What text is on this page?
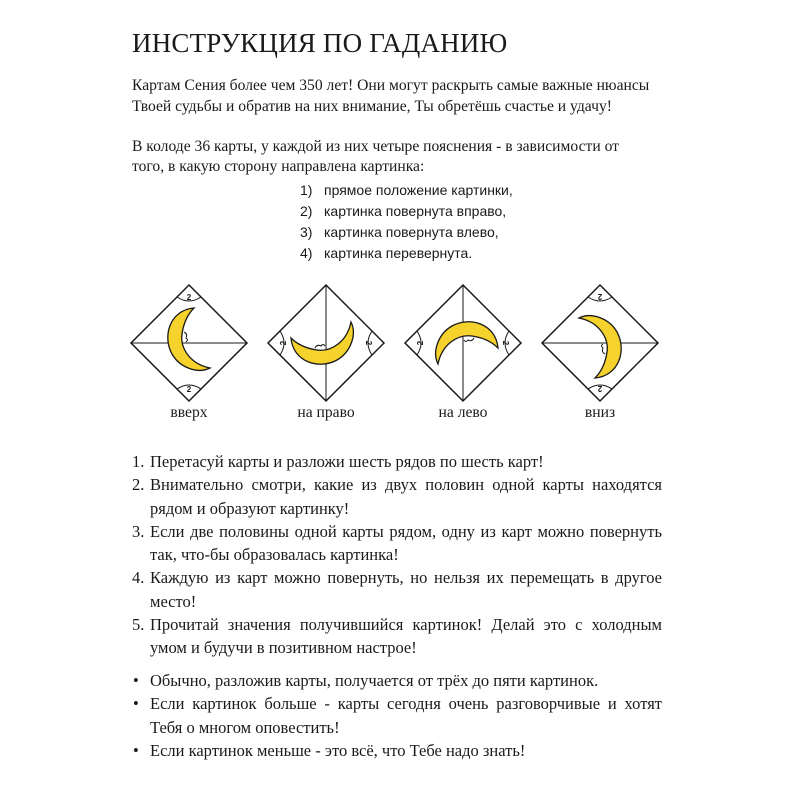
ИНСТРУКЦИЯ ПО ГАДАНИЮ

Картам Сения более чем 350 лет! Они могут раскрыть самые важные нюансы

Твоей судьбы и обратив на них внимание, Ты обретёшь счастье и удачу!

В колоде 36 карты, у каждой из них четыре пояснения - в зависимости от

того, в какую сторону направлена картинка:

1) прямое положение картинки,
2) картинка повернута вправо,
3) картинка повернута влево,
4) картинка перевернута.
2
2
вверх
2	2
на право
2	2
на лево
2
2
вниз
1. Перетасуй карты и разложи шесть рядов по шесть карт!
2. Внимательно смотри, какие из двух половин одной карты находятся рядом и образуют картинку!
3. Если две половины одной карты рядом, одну из карт можно повернуть так, что-бы образовалась картинка!
4. Каждую из карт можно повернуть, но нельзя их перемещать в другое место!
5. Прочитай значения получившийся картинок! Делай это с холодным умом и будучи в позитивном настрое!
• Обычно, разложив карты, получается от трёх до пяти картинок.
• Если картинок больше - карты сегодня очень разговорчивые и хотят Тебя о многом оповестить!
• Если картинок меньше - это всё, что Тебе надо знать!
